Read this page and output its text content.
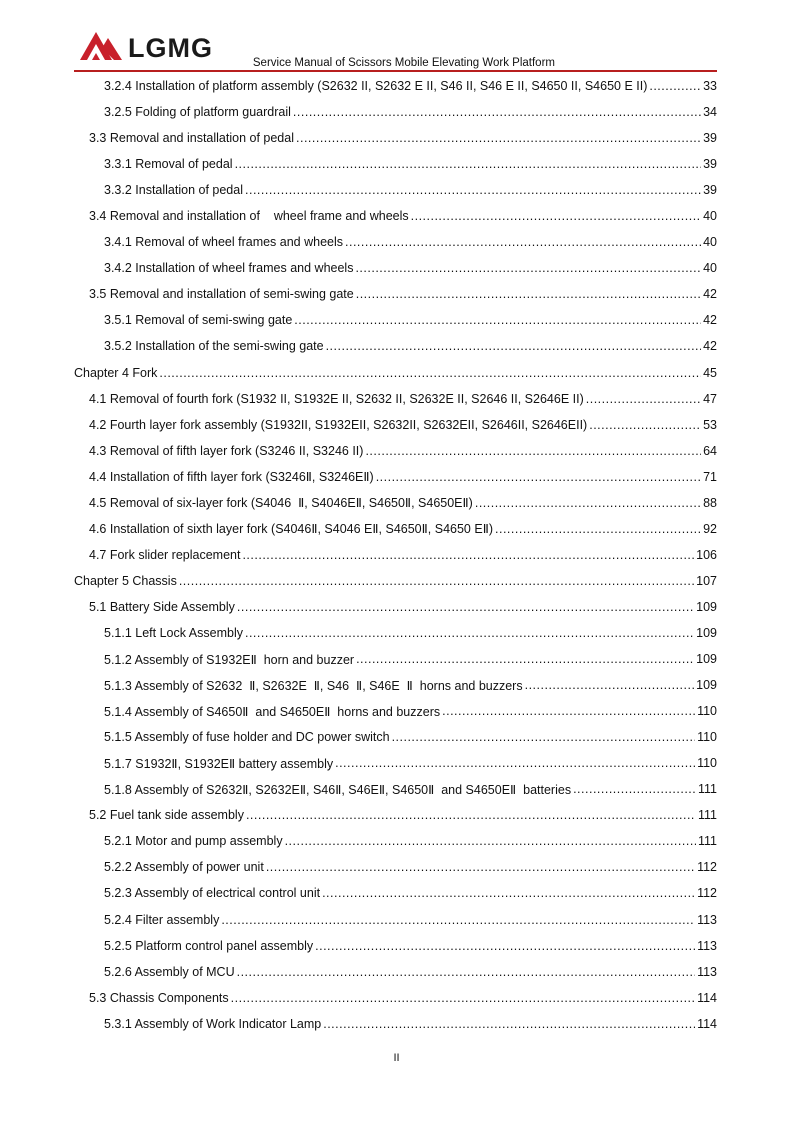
LGMG	Service Manual of Scissors Mobile Elevating Work Platform
3.2.4 Installation of platform assembly (S2632 II, S2632 E II, S46 II, S46 E II, S4650 II, S4650 E II) .....	33
3.2.5 Folding of platform guardrail .....	34
3.3 Removal and installation of pedal .....	39
3.3.1 Removal of pedal .....	39
3.3.2 Installation of pedal .....	39
3.4 Removal and installation of    wheel frame and wheels .....	40
3.4.1 Removal of wheel frames and wheels .....	40
3.4.2 Installation of wheel frames and wheels .....	40
3.5 Removal and installation of semi-swing gate .....	42
3.5.1 Removal of semi-swing gate .....	42
3.5.2 Installation of the semi-swing gate .....	42
Chapter 4 Fork .....	45
4.1 Removal of fourth fork (S1932 II, S1932E II, S2632 II, S2632E II, S2646 II, S2646E II) .....	47
4.2 Fourth layer fork assembly (S1932II, S1932EII, S2632II, S2632EII, S2646II, S2646EII) .....	53
4.3 Removal of fifth layer fork (S3246 II, S3246 II) .....	64
4.4 Installation of fifth layer fork (S3246Ⅱ, S3246EⅡ) .....	71
4.5 Removal of six-layer fork (S4046  Ⅱ, S4046EⅡ, S4650Ⅱ, S4650EⅡ) .....	88
4.6 Installation of sixth layer fork (S4046Ⅱ, S4046 EⅡ, S4650Ⅱ, S4650 EⅡ) .....	92
4.7 Fork slider replacement .....	106
Chapter 5 Chassis .....	107
5.1 Battery Side Assembly .....	109
5.1.1 Left Lock Assembly .....	109
5.1.2 Assembly of S1932EⅡ  horn and buzzer .....	109
5.1.3 Assembly of S2632  Ⅱ, S2632E  Ⅱ, S46  Ⅱ, S46E  Ⅱ  horns and buzzers .....	109
5.1.4 Assembly of S4650Ⅱ  and S4650EⅡ  horns and buzzers .....	110
5.1.5 Assembly of fuse holder and DC power switch .....	110
5.1.7 S1932Ⅱ, S1932EⅡ battery assembly .....	110
5.1.8 Assembly of S2632Ⅱ, S2632EⅡ, S46Ⅱ, S46EⅡ, S4650Ⅱ  and S4650EⅡ  batteries .....	111
5.2 Fuel tank side assembly .....	111
5.2.1 Motor and pump assembly .....	111
5.2.2 Assembly of power unit .....	112
5.2.3 Assembly of electrical control unit .....	112
5.2.4 Filter assembly .....	113
5.2.5 Platform control panel assembly .....	113
5.2.6 Assembly of MCU .....	113
5.3 Chassis Components .....	114
5.3.1 Assembly of Work Indicator Lamp .....	114
II
